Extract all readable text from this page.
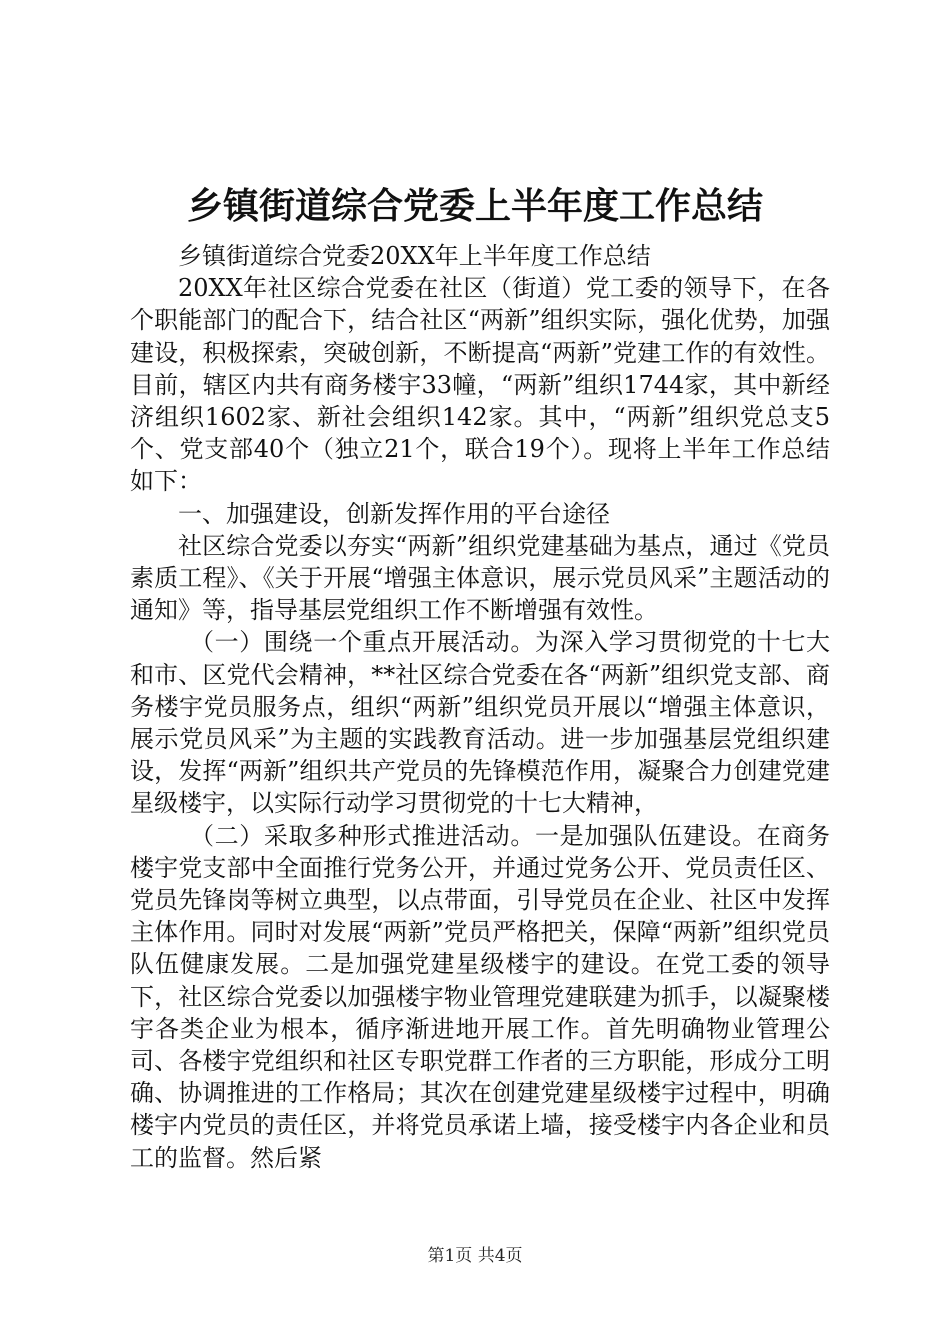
乡镇街道综合党委上半年度工作总结

乡镇街道综合党委20XX年上半年度工作总结

20XX年社区综合党委在社区（街道）党工委的领导下，在各个职能部门的配合下，结合社区“两新”组织实际，强化优势，加强建设，积极探索，突破创新，不断提高“两新”党建工作的有效性。目前，辖区内共有商务楼宇33幢，“两新”组织1744家，其中新经济组织1602家、新社会组织142家。其中，“两新”组织党总支5个、党支部40个（独立21个，联合19个）。现将上半年工作总结如下：

一、加强建设，创新发挥作用的平台途径

社区综合党委以夯实“两新”组织党建基础为基点，通过《党员素质工程》、《关于开展“增强主体意识，展示党员风采”主题活动的通知》等，指导基层党组织工作不断增强有效性。

（一）围绕一个重点开展活动。为深入学习贯彻党的十七大和市、区党代会精神，**社区综合党委在各“两新”组织党支部、商务楼宇党员服务点，组织“两新”组织党员开展以“增强主体意识，展示党员风采”为主题的实践教育活动。进一步加强基层党组织建设，发挥“两新”组织共产党员的先锋模范作用，凝聚合力创建党建星级楼宇，以实际行动学习贯彻党的十七大精神，

（二）采取多种形式推进活动。一是加强队伍建设。在商务楼宇党支部中全面推行党务公开，并通过党务公开、党员责任区、党员先锋岗等树立典型，以点带面，引导党员在企业、社区中发挥主体作用。同时对发展“两新”党员严格把关，保障“两新”组织党员队伍健康发展。二是加强党建星级楼宇的建设。在党工委的领导下，社区综合党委以加强楼宇物业管理党建联建为抓手，以凝聚楼宇各类企业为根本，循序渐进地开展工作。首先明确物业管理公司、各楼宇党组织和社区专职党群工作者的三方职能，形成分工明确、协调推进的工作格局；其次在创建党建星级楼宇过程中，明确楼宇内党员的责任区，并将党员承诺上墙，接受楼宇内各企业和员工的监督。然后紧

第1页 共4页
